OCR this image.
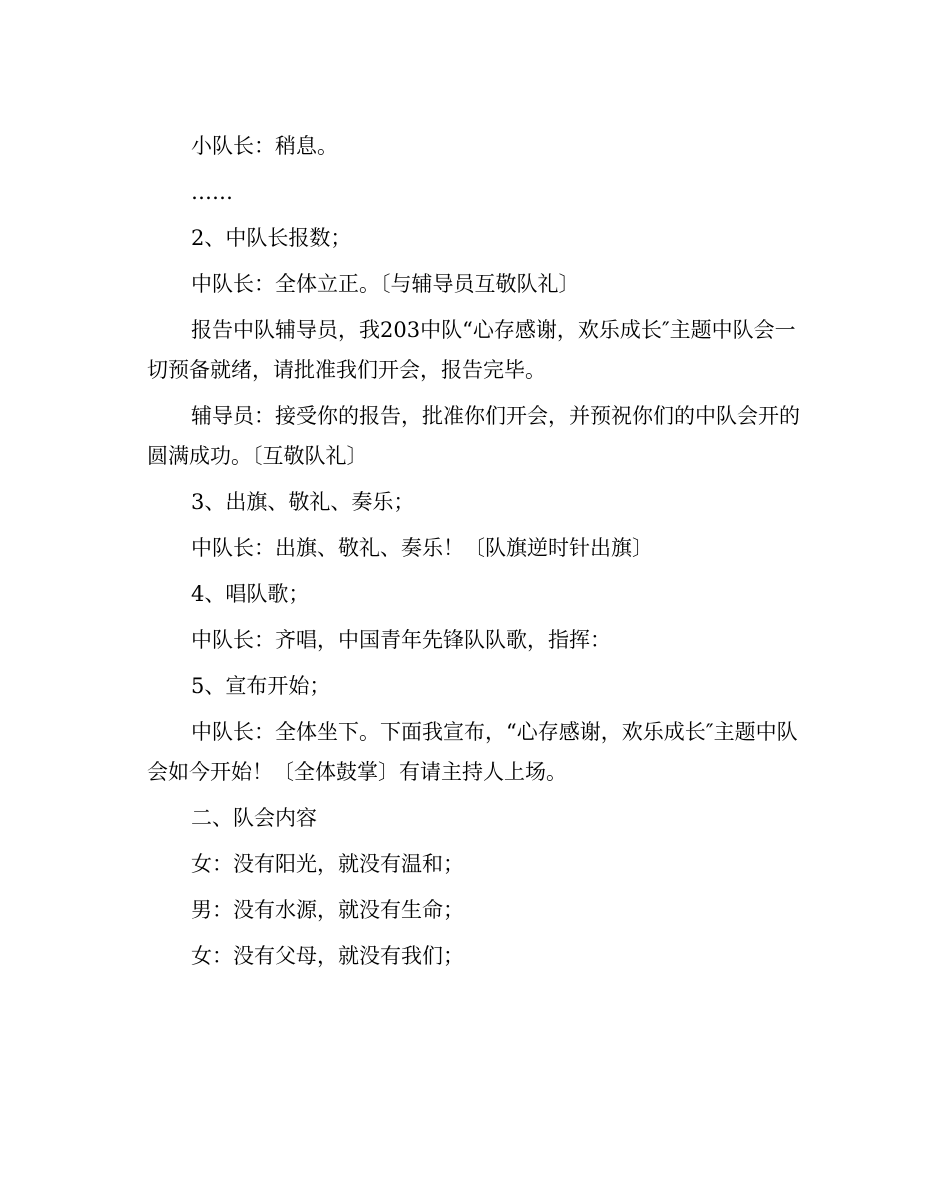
小队长：稍息。

……

2、中队长报数；

中队长：全体立正。〔与辅导员互敬队礼〕

报告中队辅导员，我203中队“心存感谢，欢乐成长″主题中队会一切预备就绪，请批准我们开会，报告完毕。

辅导员：接受你的报告，批准你们开会，并预祝你们的中队会开的圆满成功。〔互敬队礼〕

3、出旗、敬礼、奏乐；

中队长：出旗、敬礼、奏乐！〔队旗逆时针出旗〕

4、唱队歌；

中队长：齐唱，中国青年先锋队队歌，指挥：

5、宣布开始；

中队长：全体坐下。下面我宣布，“心存感谢，欢乐成长″主题中队会如今开始！〔全体鼓掌〕有请主持人上场。

二、队会内容

女：没有阳光，就没有温和；

男：没有水源，就没有生命；

女：没有父母，就没有我们；
